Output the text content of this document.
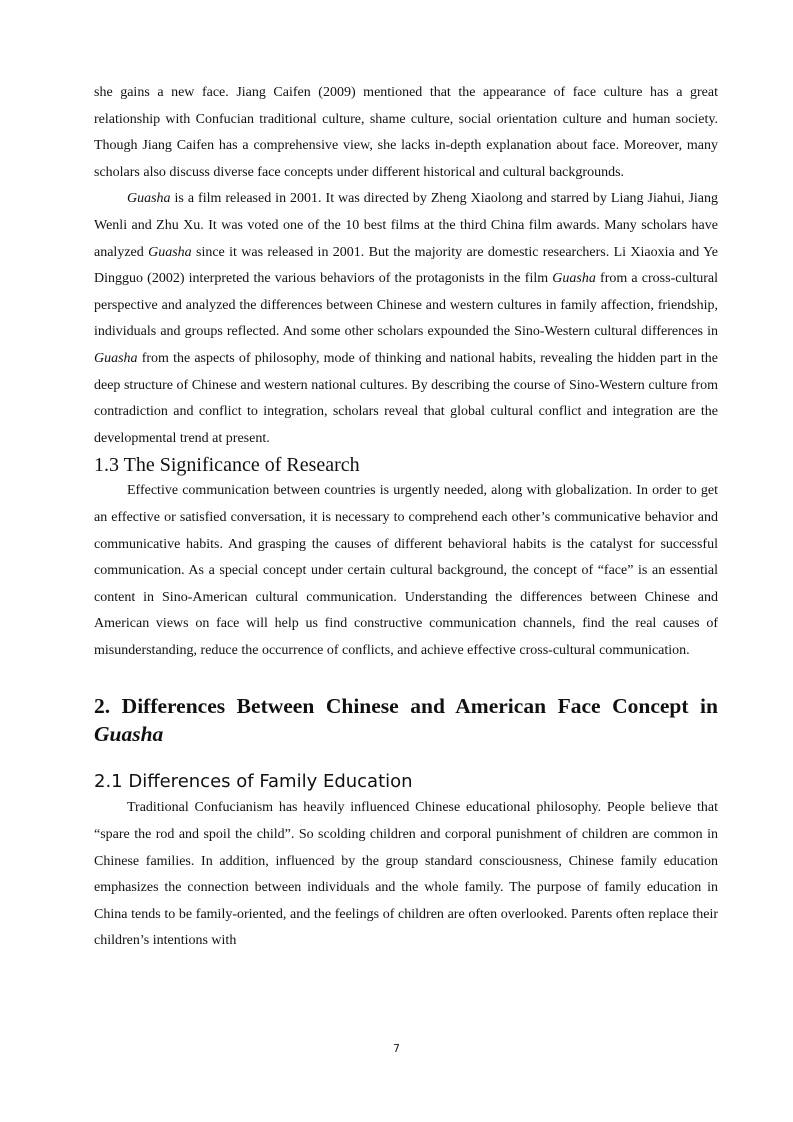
she gains a new face. Jiang Caifen (2009) mentioned that the appearance of face culture has a great relationship with Confucian traditional culture, shame culture, social orientation culture and human society. Though Jiang Caifen has a comprehensive view, she lacks in-depth explanation about face. Moreover, many scholars also discuss diverse face concepts under different historical and cultural backgrounds.

Guasha is a film released in 2001. It was directed by Zheng Xiaolong and starred by Liang Jiahui, Jiang Wenli and Zhu Xu. It was voted one of the 10 best films at the third China film awards. Many scholars have analyzed Guasha since it was released in 2001. But the majority are domestic researchers. Li Xiaoxia and Ye Dingguo (2002) interpreted the various behaviors of the protagonists in the film Guasha from a cross-cultural perspective and analyzed the differences between Chinese and western cultures in family affection, friendship, individuals and groups reflected. And some other scholars expounded the Sino-Western cultural differences in Guasha from the aspects of philosophy, mode of thinking and national habits, revealing the hidden part in the deep structure of Chinese and western national cultures. By describing the course of Sino-Western culture from contradiction and conflict to integration, scholars reveal that global cultural conflict and integration are the developmental trend at present.

1.3 The Significance of Research

Effective communication between countries is urgently needed, along with globalization. In order to get an effective or satisfied conversation, it is necessary to comprehend each other’s communicative behavior and communicative habits. And grasping the causes of different behavioral habits is the catalyst for successful communication. As a special concept under certain cultural background, the concept of “face” is an essential content in Sino-American cultural communication. Understanding the differences between Chinese and American views on face will help us find constructive communication channels, find the real causes of misunderstanding, reduce the occurrence of conflicts, and achieve effective cross-cultural communication.

2. Differences Between Chinese and American Face Concept in Guasha
2.1 Differences of Family Education

Traditional Confucianism has heavily influenced Chinese educational philosophy. People believe that “spare the rod and spoil the child”. So scolding children and corporal punishment of children are common in Chinese families. In addition, influenced by the group standard consciousness, Chinese family education emphasizes the connection between individuals and the whole family. The purpose of family education in China tends to be family-oriented, and the feelings of children are often overlooked. Parents often replace their children’s intentions with

7
